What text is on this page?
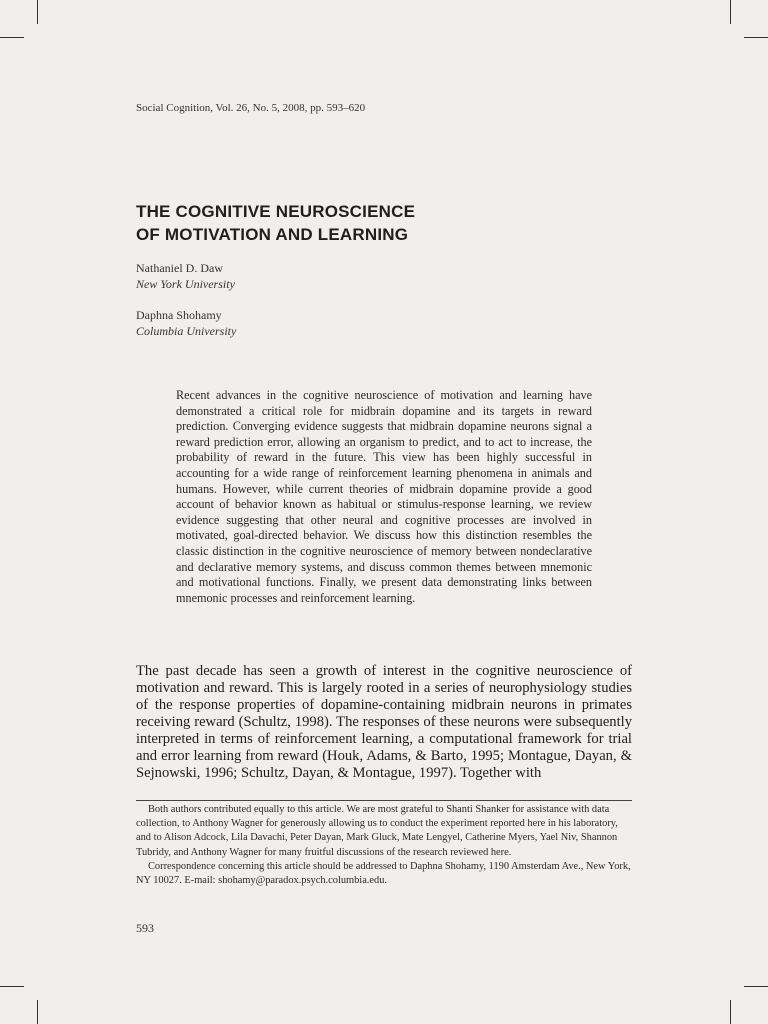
Social Cognition, Vol. 26, No. 5, 2008, pp. 593–620
THE COGNITIVE NEUROSCIENCE
OF MOTIVATION AND LEARNING
Nathaniel D. Daw
New York University
Daphna Shohamy
Columbia University
Recent advances in the cognitive neuroscience of motivation and learning have demonstrated a critical role for midbrain dopamine and its targets in reward prediction. Converging evidence suggests that midbrain dopamine neurons signal a reward prediction error, allowing an organism to predict, and to act to increase, the probability of reward in the future. This view has been highly successful in accounting for a wide range of reinforcement learning phenomena in animals and humans. However, while current theories of midbrain dopamine provide a good account of behavior known as habitual or stimulus-response learning, we review evidence suggesting that other neural and cognitive processes are involved in motivated, goal-directed behavior. We discuss how this distinction resembles the classic distinction in the cognitive neuroscience of memory between nondeclarative and declarative memory systems, and discuss common themes between mnemonic and motivational functions. Finally, we present data demonstrating links between mnemonic processes and reinforcement learning.
The past decade has seen a growth of interest in the cognitive neuroscience of motivation and reward. This is largely rooted in a series of neurophysiology studies of the response properties of dopamine-containing midbrain neurons in primates receiving reward (Schultz, 1998). The responses of these neurons were subsequently interpreted in terms of reinforcement learning, a computational framework for trial and error learning from reward (Houk, Adams, & Barto, 1995; Montague, Dayan, & Sejnowski, 1996; Schultz, Dayan, & Montague, 1997). Together with

Both authors contributed equally to this article. We are most grateful to Shanti Shanker for assistance with data collection, to Anthony Wagner for generously allowing us to conduct the experiment reported here in his laboratory, and to Alison Adcock, Lila Davachi, Peter Dayan, Mark Gluck, Mate Lengyel, Catherine Myers, Yael Niv, Shannon Tubridy, and Anthony Wagner for many fruitful discussions of the research reviewed here.

Correspondence concerning this article should be addressed to Daphna Shohamy, 1190 Amsterdam Ave., New York, NY 10027. E-mail: shohamy@paradox.psych.columbia.edu.

593
